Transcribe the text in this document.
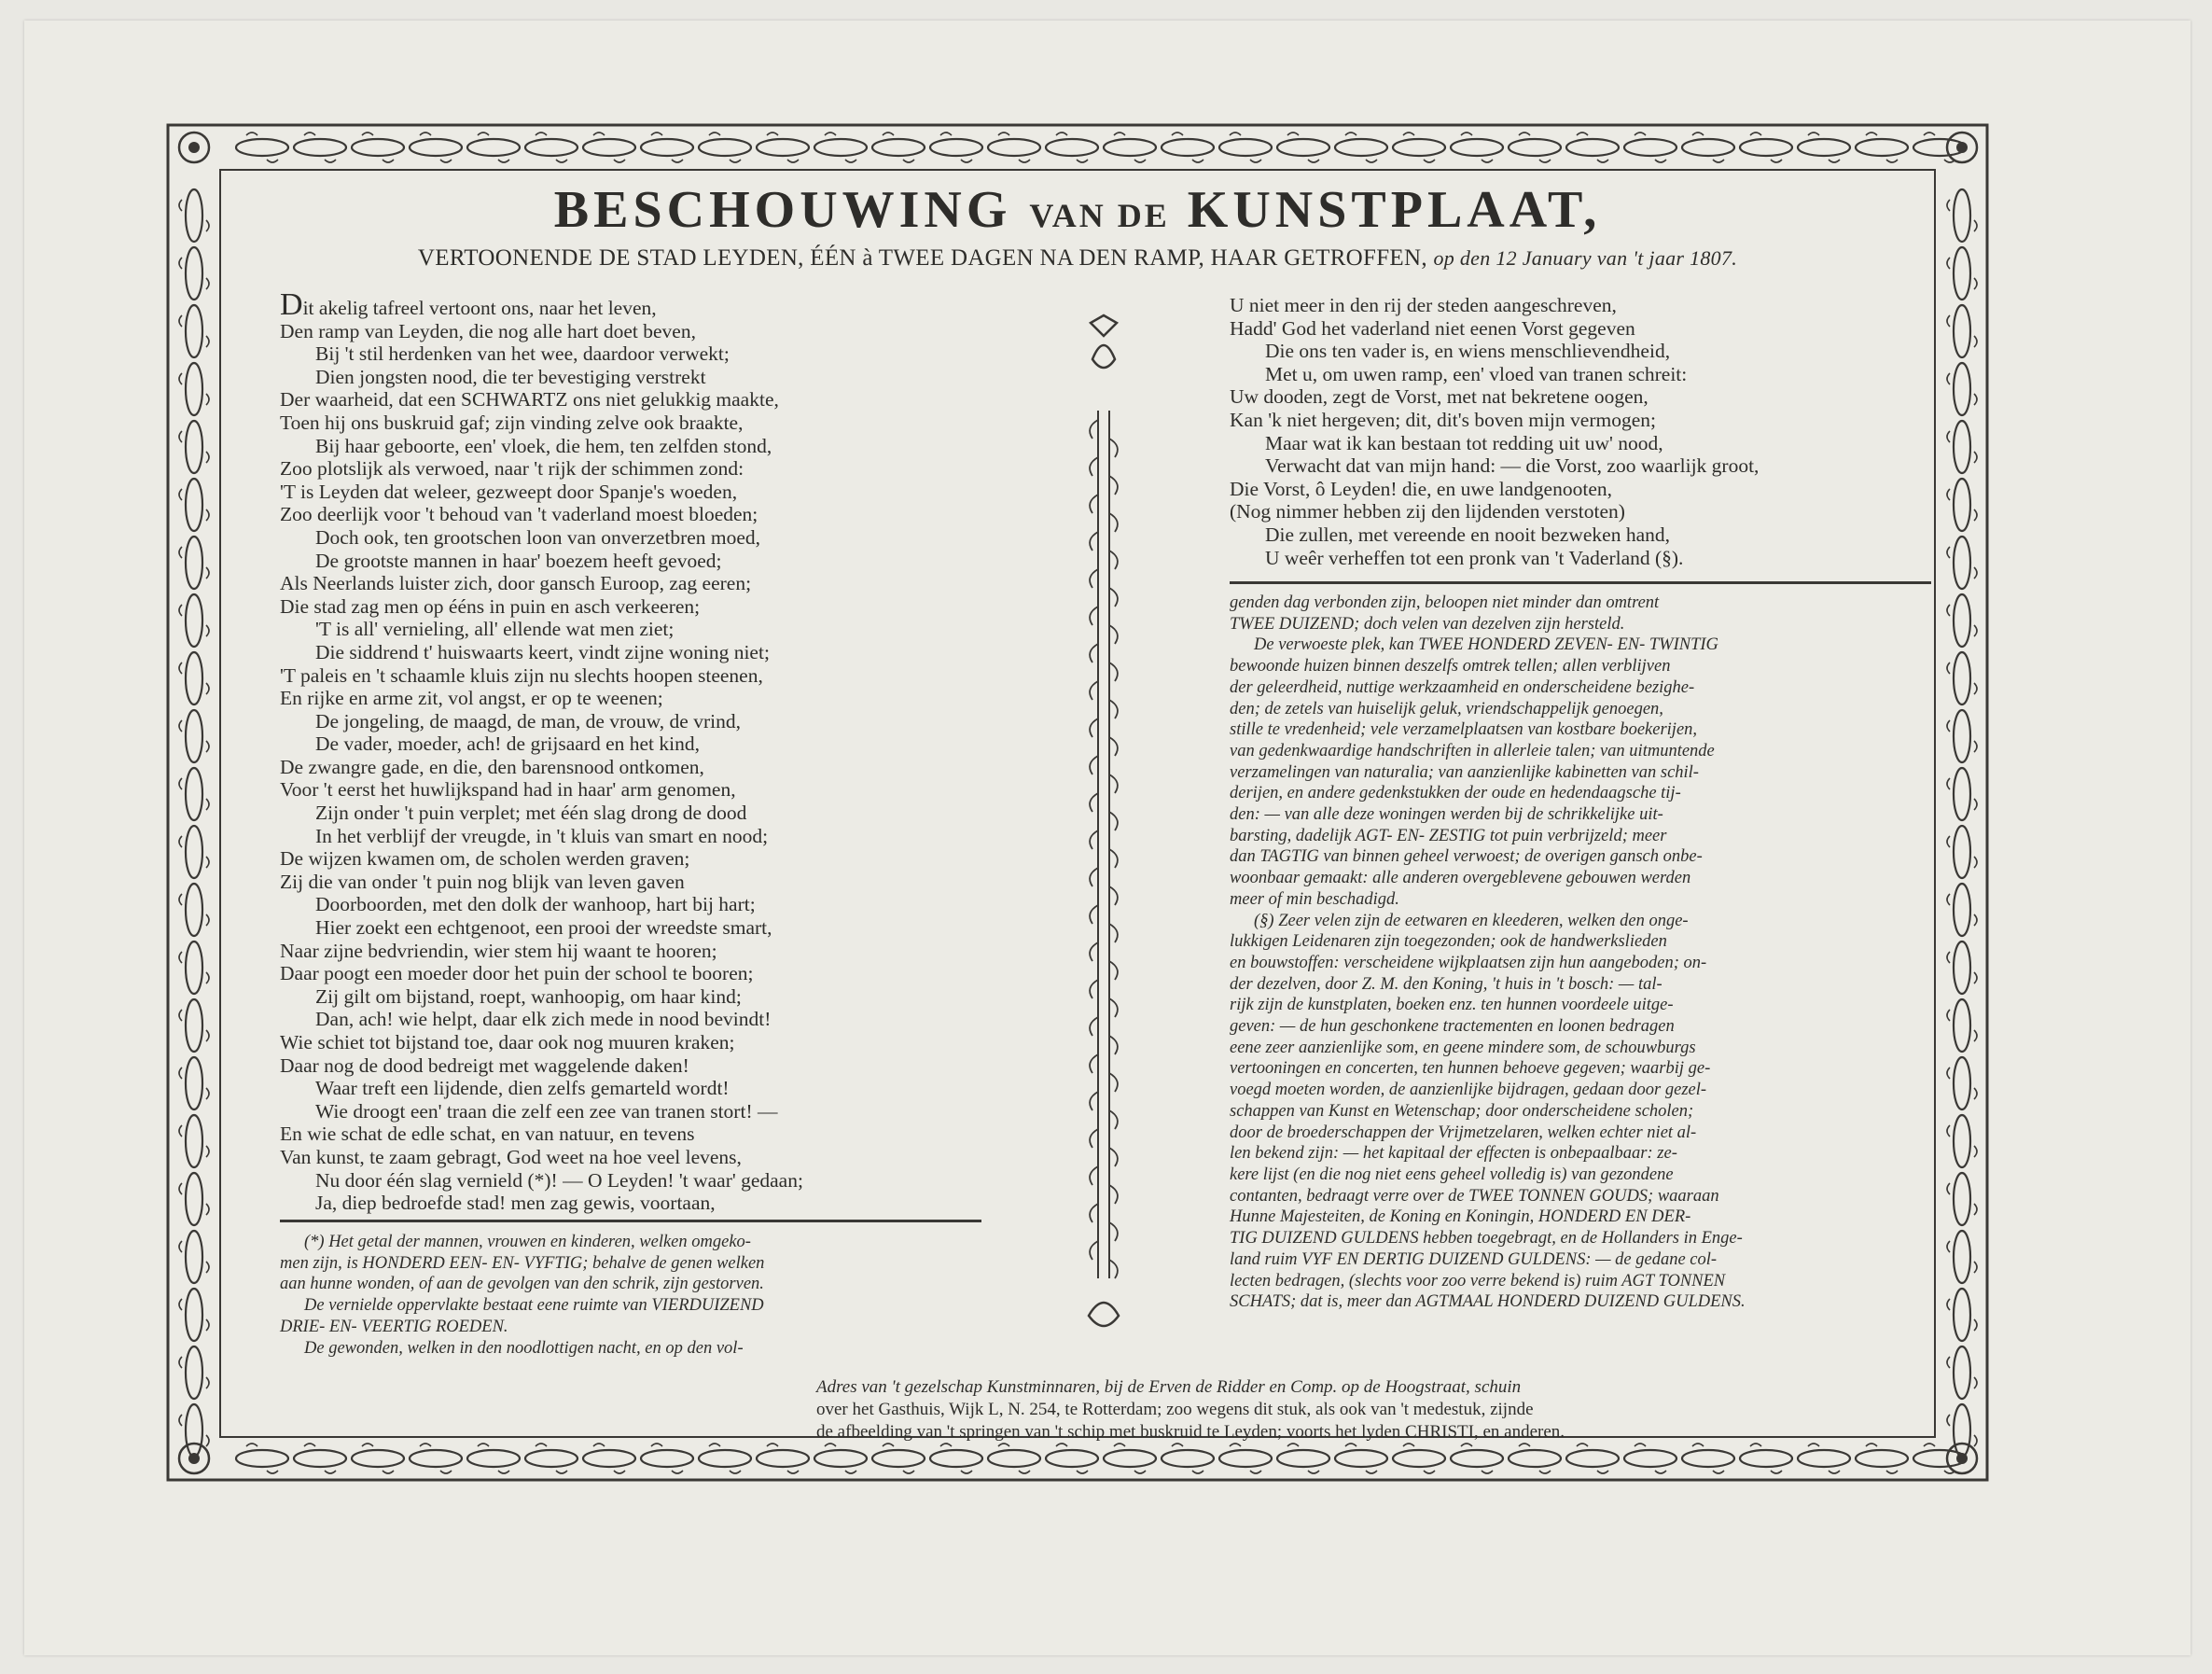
BESCHOUWING VAN DE KUNSTPLAAT,
VERTOONENDE DE STAD LEYDEN, ÉÉN à TWEE DAGEN NA DEN RAMP, HAAR GETROFFEN, op den 12 January van 't jaar 1807.
Dit akelig tafreel vertoont ons, naar het leven,
Den ramp van Leyden, die nog alle hart doet beven,
Bij 't stil herdenken van het wee, daardoor verwekt;
Dien jongsten nood, die ter bevestiging verstrekt
Der waarheid, dat een SCHWARTZ ons niet gelukkig maakte,
Toen hij ons buskruid gaf; zijn vinding zelve ook braakte,
Bij haar geboorte, een' vloek, die hem, ten zelfden stond,
Zoo plotslijk als verwoed, naar 't rijk der schimmen zond:
'T is Leyden dat weleer, gezweept door Spanje's woeden,
Zoo deerlijk voor 't behoud van 't vaderland moest bloeden;
Doch ook, ten grootschen loon van onverzetbren moed,
De grootste mannen in haar' boezem heeft gevoed;
Als Neerlands luister zich, door gansch Euroop, zag eeren;
Die stad zag men op ééns in puin en asch verkeeren;
'T is all' vernieling, all' ellende wat men ziet;
Die siddrend t' huiswaarts keert, vindt zijne woning niet;
'T paleis en 't schaamle kluis zijn nu slechts hoopen steenen,
En rijke en arme zit, vol angst, er op te weenen;
De jongeling, de maagd, de man, de vrouw, de vrind,
De vader, moeder, ach! de grijsaard en het kind,
De zwangre gade, en die, den barensnood ontkomen,
Voor 't eerst het huwlijkspand had in haar' arm genomen,
Zijn onder 't puin verplet; met één slag drong de dood
In het verblijf der vreugde, in 't kluis van smart en nood;
De wijzen kwamen om, de scholen werden graven;
Zij die van onder 't puin nog blijk van leven gaven
Doorboorden, met den dolk der wanhoop, hart bij hart;
Hier zoekt een echtgenoot, een prooi der wreedste smart,
Naar zijne bedvriendin, wier stem hij waant te hooren;
Daar poogt een moeder door het puin der school te booren;
Zij gilt om bijstand, roept, wanhoopig, om haar kind;
Dan, ach! wie helpt, daar elk zich mede in nood bevindt!
Wie schiet tot bijstand toe, daar ook nog muuren kraken;
Daar nog de dood bedreigt met waggelende daken!
Waar treft een lijdende, dien zelfs gemarteld wordt!
Wie droogt een' traan die zelf een zee van tranen stort! —
En wie schat de edle schat, en van natuur, en tevens
Van kunst, te zaam gebragt, God weet na hoe veel levens,
Nu door één slag vernield (*)! — O Leyden! 't waar' gedaan;
Ja, diep bedroefde stad! men zag gewis, voortaan,
U niet meer in den rij der steden aangeschreven,
Hadd' God het vaderland niet eenen Vorst gegeven
Die ons ten vader is, en wiens menschlievendheid,
Met u, om uwen ramp, een' vloed van tranen schreit:
Uw dooden, zegt de Vorst, met nat bekretene oogen,
Kan 'k niet hergeven; dit, dit's boven mijn vermogen;
Maar wat ik kan bestaan tot redding uit uw' nood,
Verwacht dat van mijn hand: — die Vorst, zoo waarlijk groot,
Die Vorst, ô Leyden! die, en uwe landgenooten,
(Nog nimmer hebben zij den lijdenden verstoten)
Die zullen, met vereende en nooit bezweken hand,
U weêr verheffen tot een pronk van 't Vaderland (§).

(*) Het getal der mannen, vrouwen en kinderen, welken omgeko-

men zijn, is HONDERD EEN- EN- VYFTIG; behalve de genen welken

aan hunne wonden, of aan de gevolgen van den schrik, zijn gestorven.

De vernielde oppervlakte bestaat eene ruimte van VIERDUIZEND

DRIE- EN- VEERTIG ROEDEN.

De gewonden, welken in den noodlottigen nacht, en op den vol-

genden dag verbonden zijn, beloopen niet minder dan omtrent

TWEE DUIZEND; doch velen van dezelven zijn hersteld.

De verwoeste plek, kan TWEE HONDERD ZEVEN- EN- TWINTIG

bewoonde huizen binnen deszelfs omtrek tellen; allen verblijven

der geleerdheid, nuttige werkzaamheid en onderscheidene bezighe-

den; de zetels van huiselijk geluk, vriendschappelijk genoegen,

stille te vredenheid; vele verzamelplaatsen van kostbare boekerijen,

van gedenkwaardige handschriften in allerleie talen; van uitmuntende

verzamelingen van naturalia; van aanzienlijke kabinetten van schil-

derijen, en andere gedenkstukken der oude en hedendaagsche tij-

den: — van alle deze woningen werden bij de schrikkelijke uit-

barsting, dadelijk AGT- EN- ZESTIG tot puin verbrijzeld; meer

dan TAGTIG van binnen geheel verwoest; de overigen gansch onbe-

woonbaar gemaakt: alle anderen overgeblevene gebouwen werden

meer of min beschadigd.

(§) Zeer velen zijn de eetwaren en kleederen, welken den onge-

lukkigen Leidenaren zijn toegezonden; ook de handwerkslieden

en bouwstoffen: verscheidene wijkplaatsen zijn hun aangeboden; on-

der dezelven, door Z. M. den Koning, 't huis in 't bosch: — tal-

rijk zijn de kunstplaten, boeken enz. ten hunnen voordeele uitge-

geven: — de hun geschonkene tractementen en loonen bedragen

eene zeer aanzienlijke som, en geene mindere som, de schouwburgs

vertooningen en concerten, ten hunnen behoeve gegeven; waarbij ge-

voegd moeten worden, de aanzienlijke bijdragen, gedaan door gezel-

schappen van Kunst en Wetenschap; door onderscheidene scholen;

door de broederschappen der Vrijmetzelaren, welken echter niet al-

len bekend zijn: — het kapitaal der effecten is onbepaalbaar: ze-

kere lijst (en die nog niet eens geheel volledig is) van gezondene

contanten, bedraagt verre over de TWEE TONNEN GOUDS; waaraan

Hunne Majesteiten, de Koning en Koningin, HONDERD EN DER-

TIG DUIZEND GULDENS hebben toegebragt, en de Hollanders in Enge-

land ruim VYF EN DERTIG DUIZEND GULDENS: — de gedane col-

lecten bedragen, (slechts voor zoo verre bekend is) ruim AGT TONNEN

SCHATS; dat is, meer dan AGTMAAL HONDERD DUIZEND GULDENS.

Adres van 't gezelschap Kunstminnaren, bij de Erven de Ridder en Comp. op de Hoogstraat, schuin

over het Gasthuis, Wijk L, N. 254, te Rotterdam; zoo wegens dit stuk, als ook van 't medestuk, zijnde

de afbeelding van 't springen van 't schip met buskruid te Leyden; voorts het lyden CHRISTI, en anderen.
